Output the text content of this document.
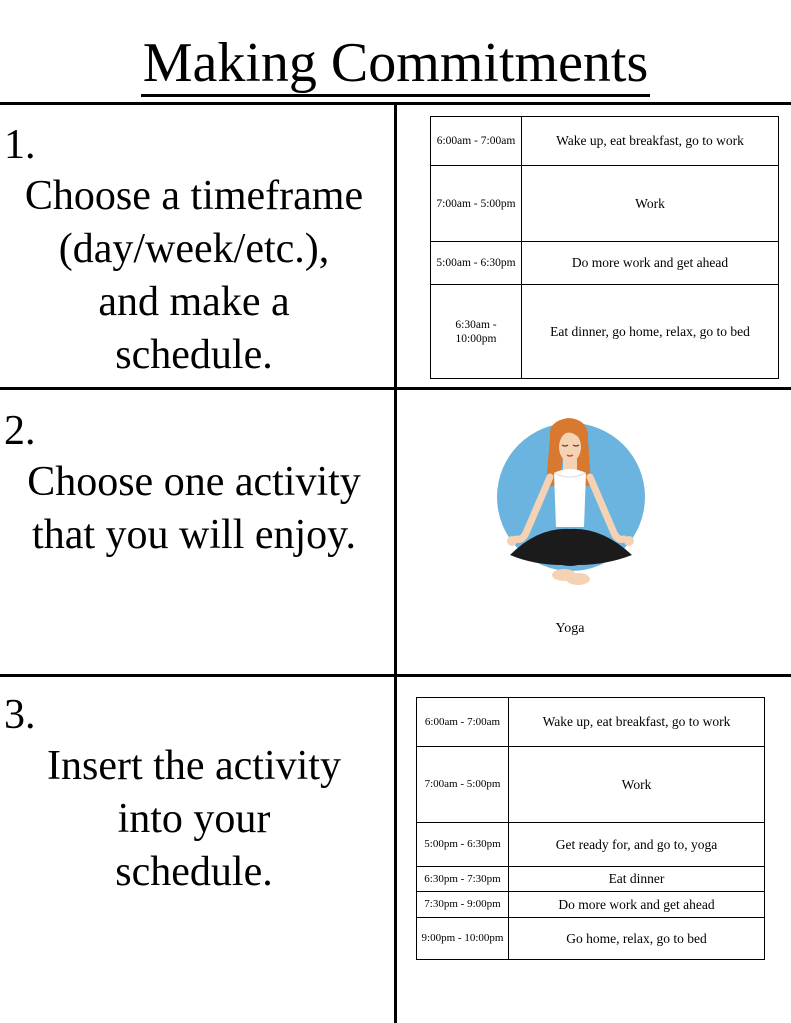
Making Commitments
1.
Choose a timeframe
(day/week/etc.),
and make a
schedule.
6:00am - 7:00am	Wake up, eat breakfast, go to work
7:00am - 5:00pm	Work
5:00am - 6:30pm	Do more work and get ahead
6:30am - 10:00pm	Eat dinner, go home, relax, go to bed
2.
Choose one activity
that you will enjoy.
Yoga
3.
Insert the activity
into your
schedule.
6:00am - 7:00am	Wake up, eat breakfast, go to work
7:00am - 5:00pm	Work
5:00pm - 6:30pm	Get ready for, and go to, yoga
6:30pm - 7:30pm	Eat dinner
7:30pm - 9:00pm	Do more work and get ahead
9:00pm - 10:00pm	Go home, relax, go to bed
